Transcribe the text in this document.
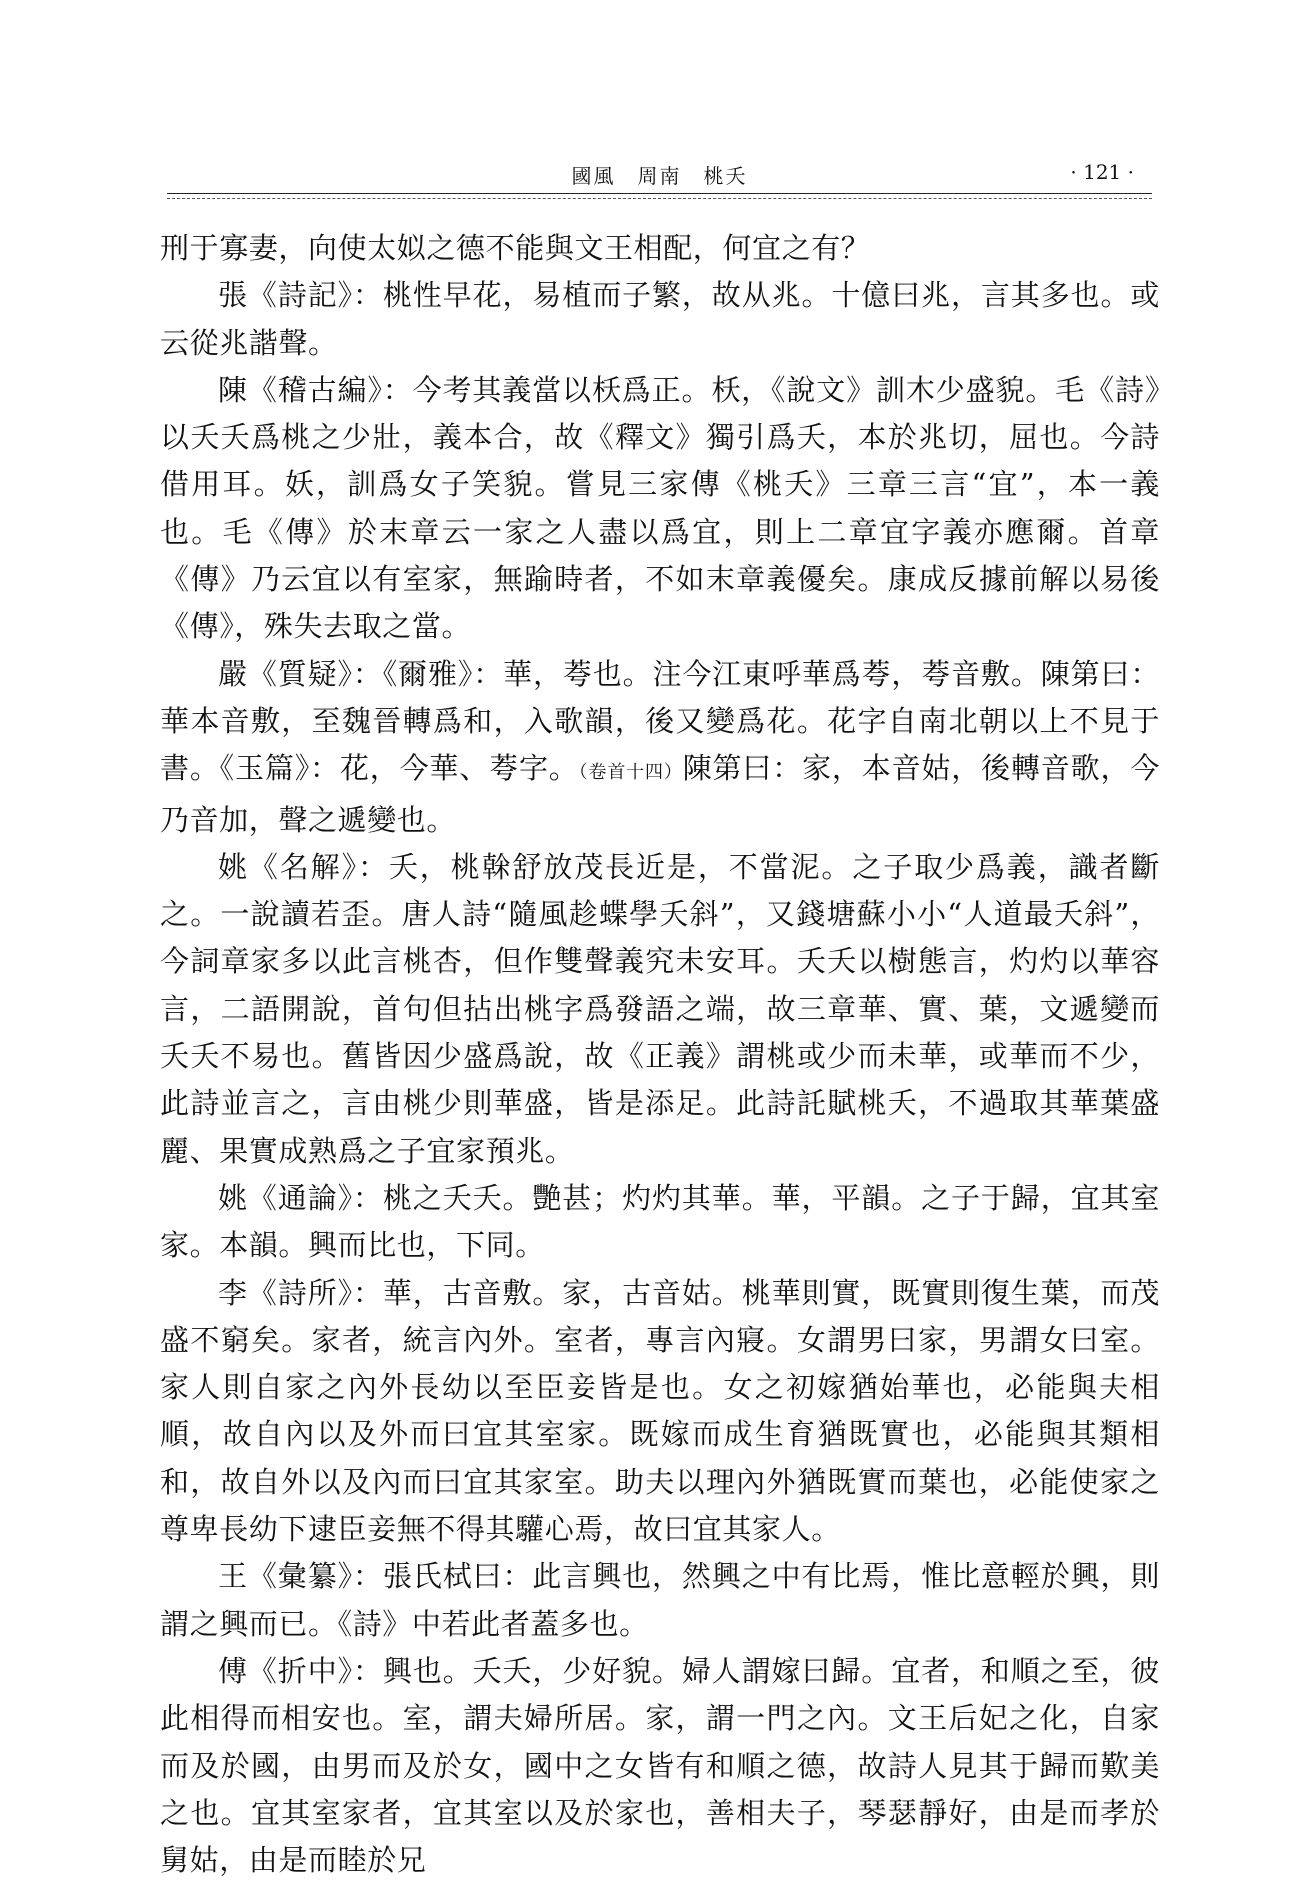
國風　周南　桃夭	· 121 ·

刑于寡妻，向使太姒之德不能與文王相配，何宜之有？

張《詩記》：桃性早花，易植而子繁，故从兆。十億曰兆，言其多也。或云從兆諧聲。

陳《稽古編》：今考其義當以枖爲正。枖，《說文》訓木少盛貌。毛《詩》以夭夭爲桃之少壯，義本合，故《釋文》獨引爲夭，本於兆切，屈也。今詩借用耳。妖，訓爲女子笑貌。嘗見三家傳《桃夭》三章三言“宜”，本一義也。毛《傳》於末章云一家之人盡以爲宜，則上二章宜字義亦應爾。首章《傳》乃云宜以有室家，無踰時者，不如末章義優矣。康成反據前解以易後《傳》，殊失去取之當。

嚴《質疑》：《爾雅》：華，荂也。注今江東呼華爲荂，荂音敷。陳第曰：華本音敷，至魏晉轉爲和，入歌韻，後又變爲花。花字自南北朝以上不見于書。《玉篇》：花，今華、荂字。（卷首十四）陳第曰：家，本音姑，後轉音歌，今乃音加，聲之遞變也。

姚《名解》：夭，桃榦舒放茂長近是，不當泥。之子取少爲義，識者斷之。一說讀若歪。唐人詩“隨風趁蝶學夭斜”，又錢塘蘇小小“人道最夭斜”，今詞章家多以此言桃杏，但作雙聲義究未安耳。夭夭以樹態言，灼灼以華容言，二語開說，首句但拈出桃字爲發語之端，故三章華、實、葉，文遞變而夭夭不易也。舊皆因少盛爲說，故《正義》謂桃或少而未華，或華而不少，此詩並言之，言由桃少則華盛，皆是添足。此詩託賦桃夭，不過取其華葉盛麗、果實成熟爲之子宜家預兆。

姚《通論》：桃之夭夭。艷甚；灼灼其華。華，平韻。之子于歸，宜其室家。本韻。興而比也，下同。

李《詩所》：華，古音敷。家，古音姑。桃華則實，既實則復生葉，而茂盛不窮矣。家者，統言內外。室者，專言內寢。女謂男曰家，男謂女曰室。家人則自家之內外長幼以至臣妾皆是也。女之初嫁猶始華也，必能與夫相順，故自內以及外而曰宜其室家。既嫁而成生育猶既實也，必能與其類相和，故自外以及內而曰宜其家室。助夫以理內外猶既實而葉也，必能使家之尊卑長幼下逮臣妾無不得其驩心焉，故曰宜其家人。

王《彙纂》：張氏栻曰：此言興也，然興之中有比焉，惟比意輕於興，則謂之興而已。《詩》中若此者蓋多也。

傅《折中》：興也。夭夭，少好貌。婦人謂嫁曰歸。宜者，和順之至，彼此相得而相安也。室，謂夫婦所居。家，謂一門之內。文王后妃之化，自家而及於國，由男而及於女，國中之女皆有和順之德，故詩人見其于歸而歎美之也。宜其室家者，宜其室以及於家也，善相夫子，琴瑟靜好，由是而孝於舅姑，由是而睦於兄
